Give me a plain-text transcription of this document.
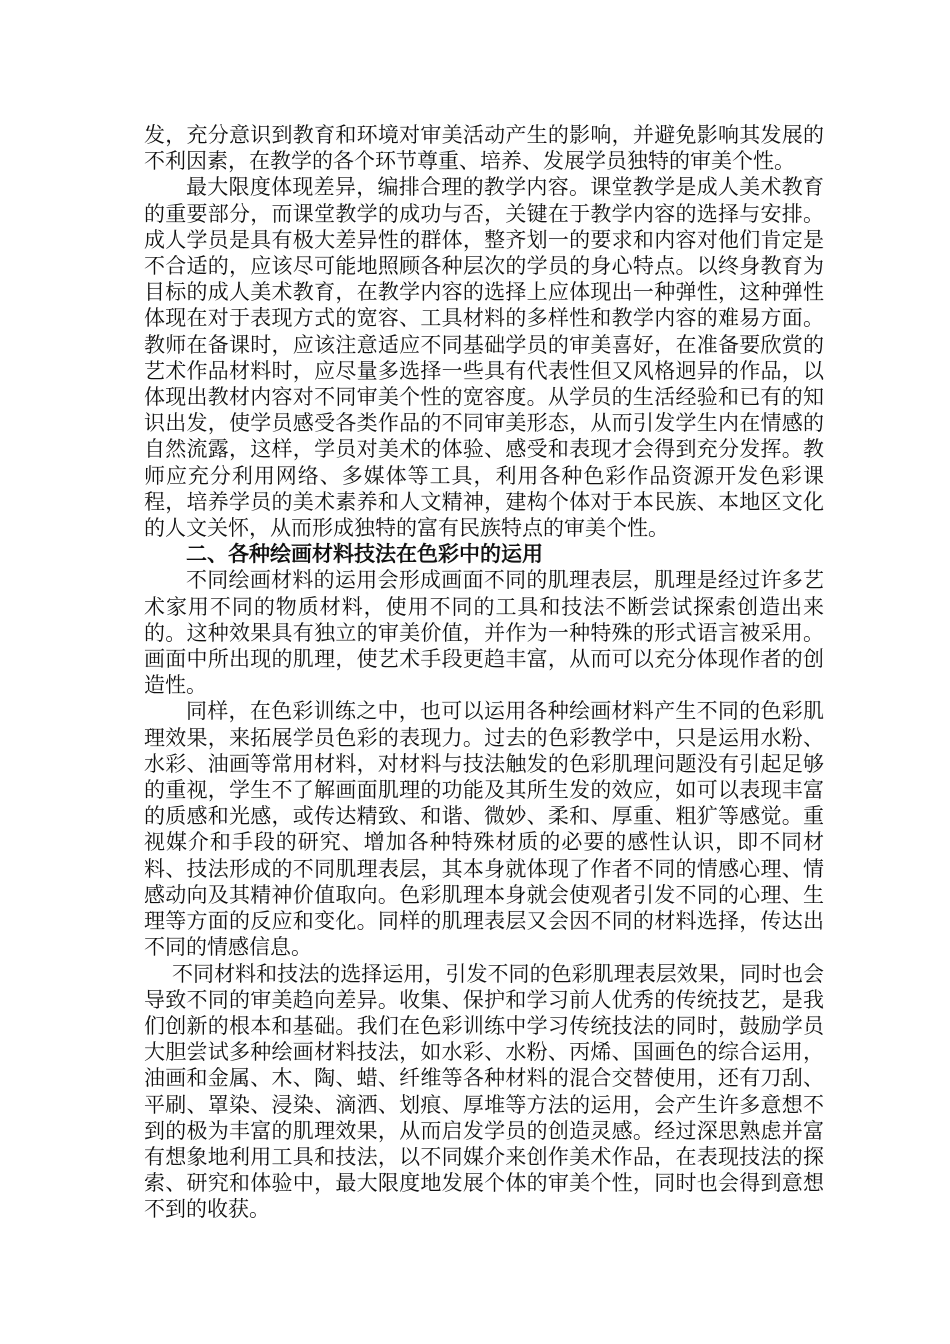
发，充分意识到教育和环境对审美活动产生的影响，并避免影响其发展的不利因素，在教学的各个环节尊重、培养、发展学员独特的审美个性。

最大限度体现差异，编排合理的教学内容。课堂教学是成人美术教育的重要部分，而课堂教学的成功与否，关键在于教学内容的选择与安排。成人学员是具有极大差异性的群体，整齐划一的要求和内容对他们肯定是不合适的，应该尽可能地照顾各种层次的学员的身心特点。以终身教育为目标的成人美术教育，在教学内容的选择上应体现出一种弹性，这种弹性体现在对于表现方式的宽容、工具材料的多样性和教学内容的难易方面。教师在备课时，应该注意适应不同基础学员的审美喜好，在准备要欣赏的艺术作品材料时，应尽量多选择一些具有代表性但又风格迥异的作品，以体现出教材内容对不同审美个性的宽容度。从学员的生活经验和已有的知识出发，使学员感受各类作品的不同审美形态，从而引发学生内在情感的自然流露，这样，学员对美术的体验、感受和表现才会得到充分发挥。教师应充分利用网络、多媒体等工具，利用各种色彩作品资源开发色彩课程，培养学员的美术素养和人文精神，建构个体对于本民族、本地区文化的人文关怀，从而形成独特的富有民族特点的审美个性。

二、各种绘画材料技法在色彩中的运用

不同绘画材料的运用会形成画面不同的肌理表层，肌理是经过许多艺术家用不同的物质材料，使用不同的工具和技法不断尝试探索创造出来的。这种效果具有独立的审美价值，并作为一种特殊的形式语言被采用。画面中所出现的肌理，使艺术手段更趋丰富，从而可以充分体现作者的创造性。

同样，在色彩训练之中，也可以运用各种绘画材料产生不同的色彩肌理效果，来拓展学员色彩的表现力。过去的色彩教学中，只是运用水粉、水彩、油画等常用材料，对材料与技法触发的色彩肌理问题没有引起足够的重视，学生不了解画面肌理的功能及其所生发的效应，如可以表现丰富的质感和光感，或传达精致、和谐、微妙、柔和、厚重、粗犷等感觉。重视媒介和手段的研究、增加各种特殊材质的必要的感性认识，即不同材料、技法形成的不同肌理表层，其本身就体现了作者不同的情感心理、情感动向及其精神价值取向。色彩肌理本身就会使观者引发不同的心理、生理等方面的反应和变化。同样的肌理表层又会因不同的材料选择，传达出不同的情感信息。

不同材料和技法的选择运用，引发不同的色彩肌理表层效果，同时也会导致不同的审美趋向差异。收集、保护和学习前人优秀的传统技艺，是我们创新的根本和基础。我们在色彩训练中学习传统技法的同时，鼓励学员大胆尝试多种绘画材料技法，如水彩、水粉、丙烯、国画色的综合运用，油画和金属、木、陶、蜡、纤维等各种材料的混合交替使用，还有刀刮、平刷、罩染、浸染、滴洒、划痕、厚堆等方法的运用，会产生许多意想不到的极为丰富的肌理效果，从而启发学员的创造灵感。经过深思熟虑并富有想象地利用工具和技法，以不同媒介来创作美术作品，在表现技法的探索、研究和体验中，最大限度地发展个体的审美个性，同时也会得到意想不到的收获。
